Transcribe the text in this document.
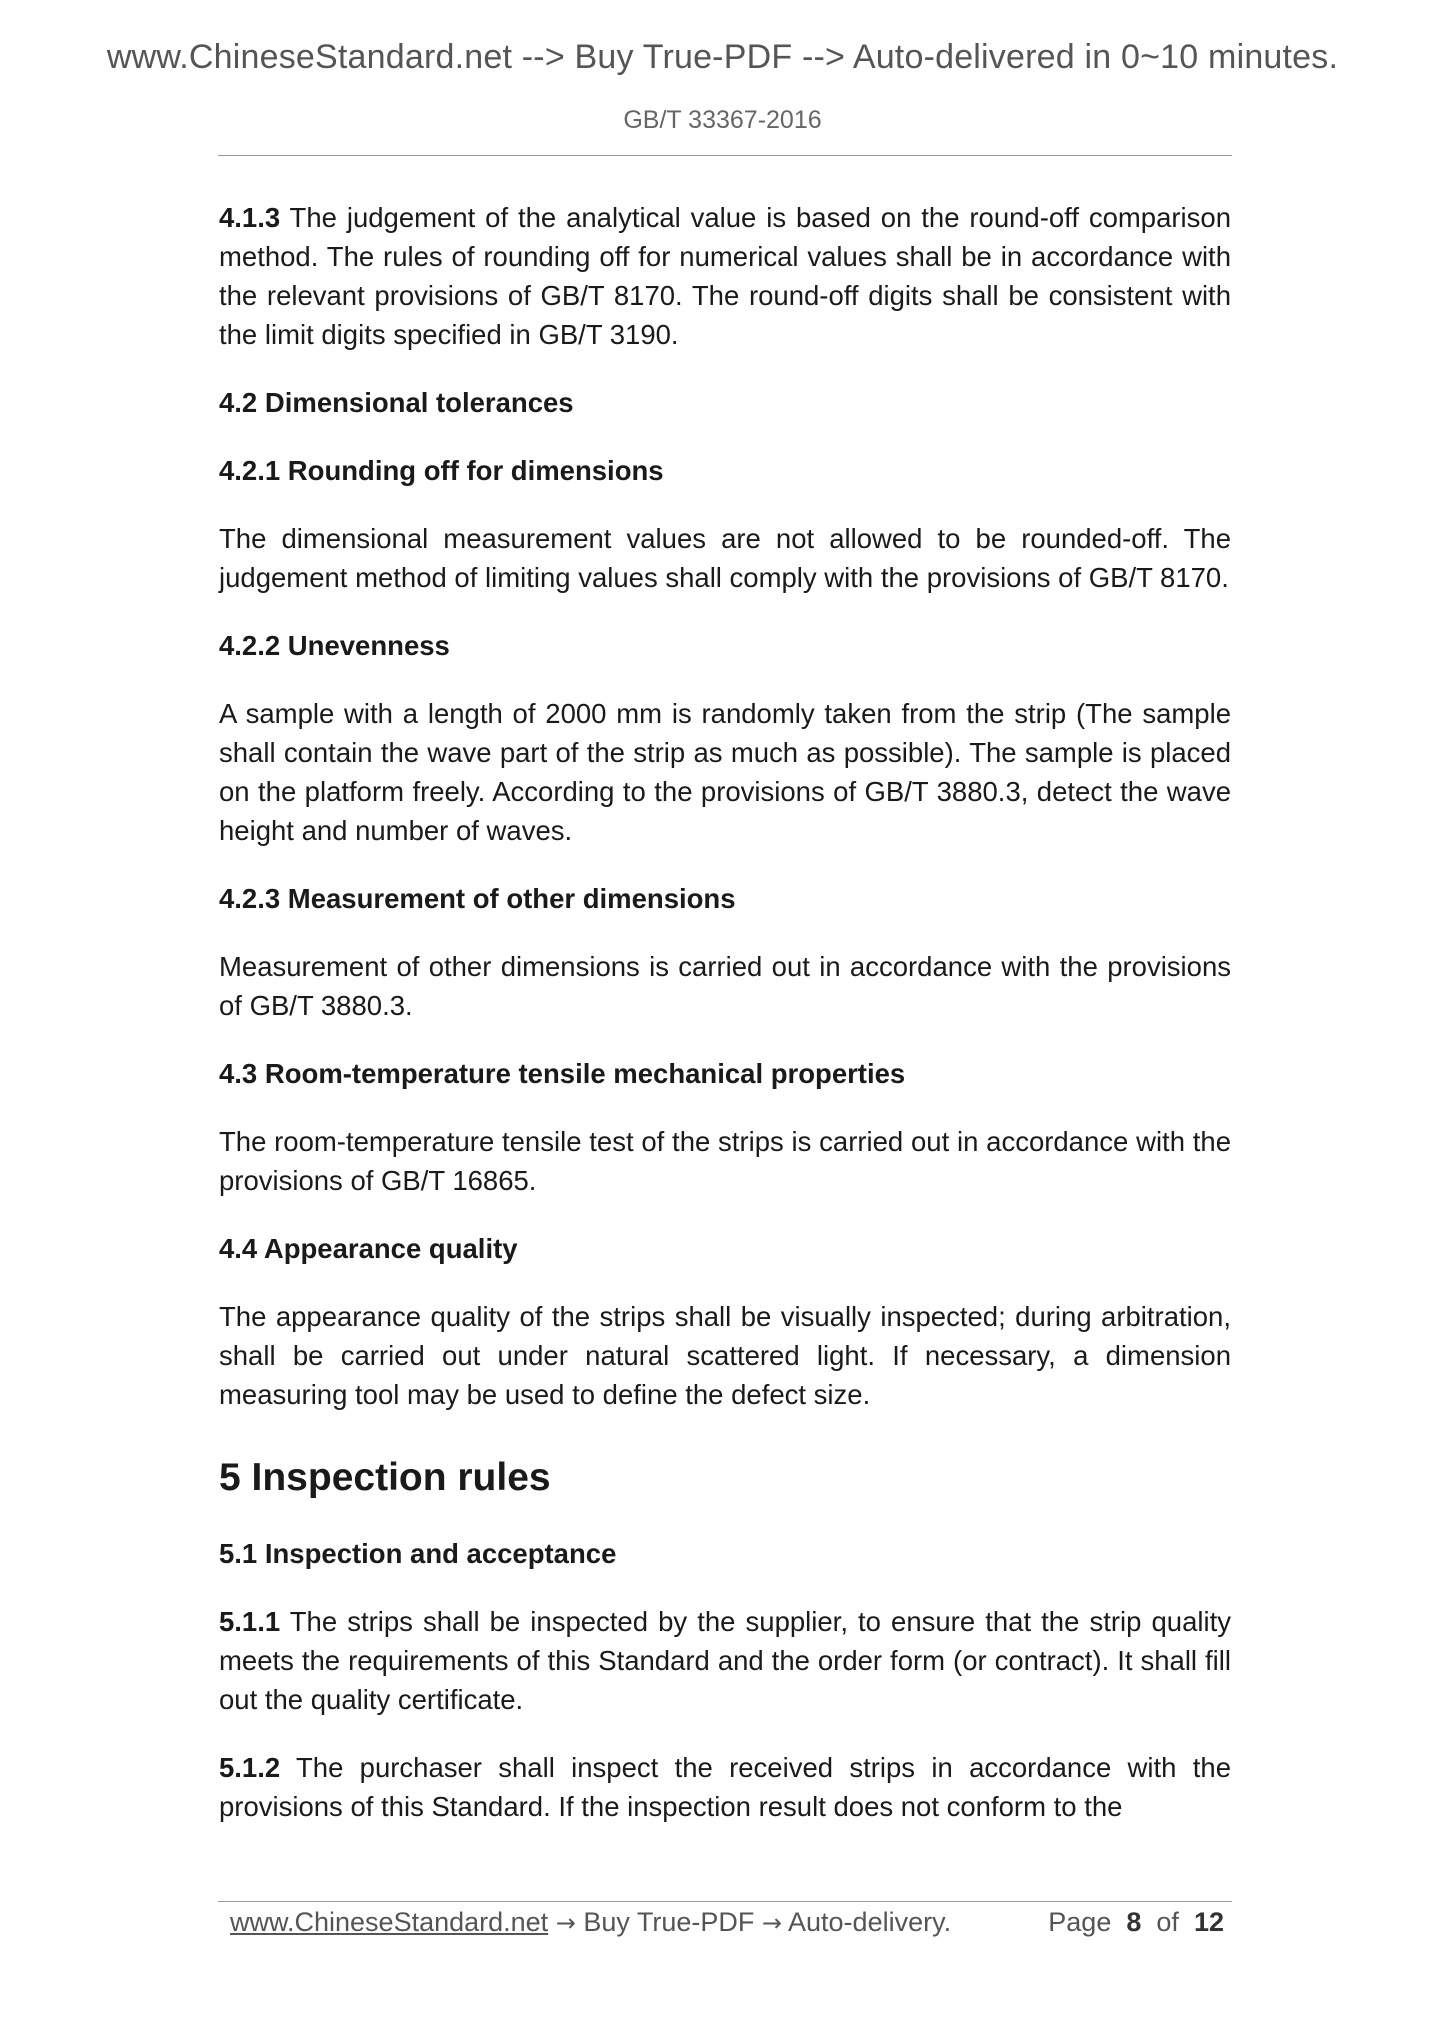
www.ChineseStandard.net --> Buy True-PDF --> Auto-delivered in 0~10 minutes.
GB/T 33367-2016

4.1.3 The judgement of the analytical value is based on the round-off comparison method. The rules of rounding off for numerical values shall be in accordance with the relevant provisions of GB/T 8170. The round-off digits shall be consistent with the limit digits specified in GB/T 3190.

4.2 Dimensional tolerances

4.2.1 Rounding off for dimensions

The dimensional measurement values are not allowed to be rounded-off. The judgement method of limiting values shall comply with the provisions of GB/T 8170.

4.2.2 Unevenness

A sample with a length of 2000 mm is randomly taken from the strip (The sample shall contain the wave part of the strip as much as possible). The sample is placed on the platform freely. According to the provisions of GB/T 3880.3, detect the wave height and number of waves.

4.2.3 Measurement of other dimensions

Measurement of other dimensions is carried out in accordance with the provisions of GB/T 3880.3.

4.3 Room-temperature tensile mechanical properties

The room-temperature tensile test of the strips is carried out in accordance with the provisions of GB/T 16865.

4.4 Appearance quality

The appearance quality of the strips shall be visually inspected; during arbitration, shall be carried out under natural scattered light. If necessary, a dimension measuring tool may be used to define the defect size.

5 Inspection rules

5.1 Inspection and acceptance

5.1.1 The strips shall be inspected by the supplier, to ensure that the strip quality meets the requirements of this Standard and the order form (or contract). It shall fill out the quality certificate.

5.1.2 The purchaser shall inspect the received strips in accordance with the provisions of this Standard. If the inspection result does not conform to the

www.ChineseStandard.net → Buy True-PDF → Auto-delivery.	Page 8 of 12
